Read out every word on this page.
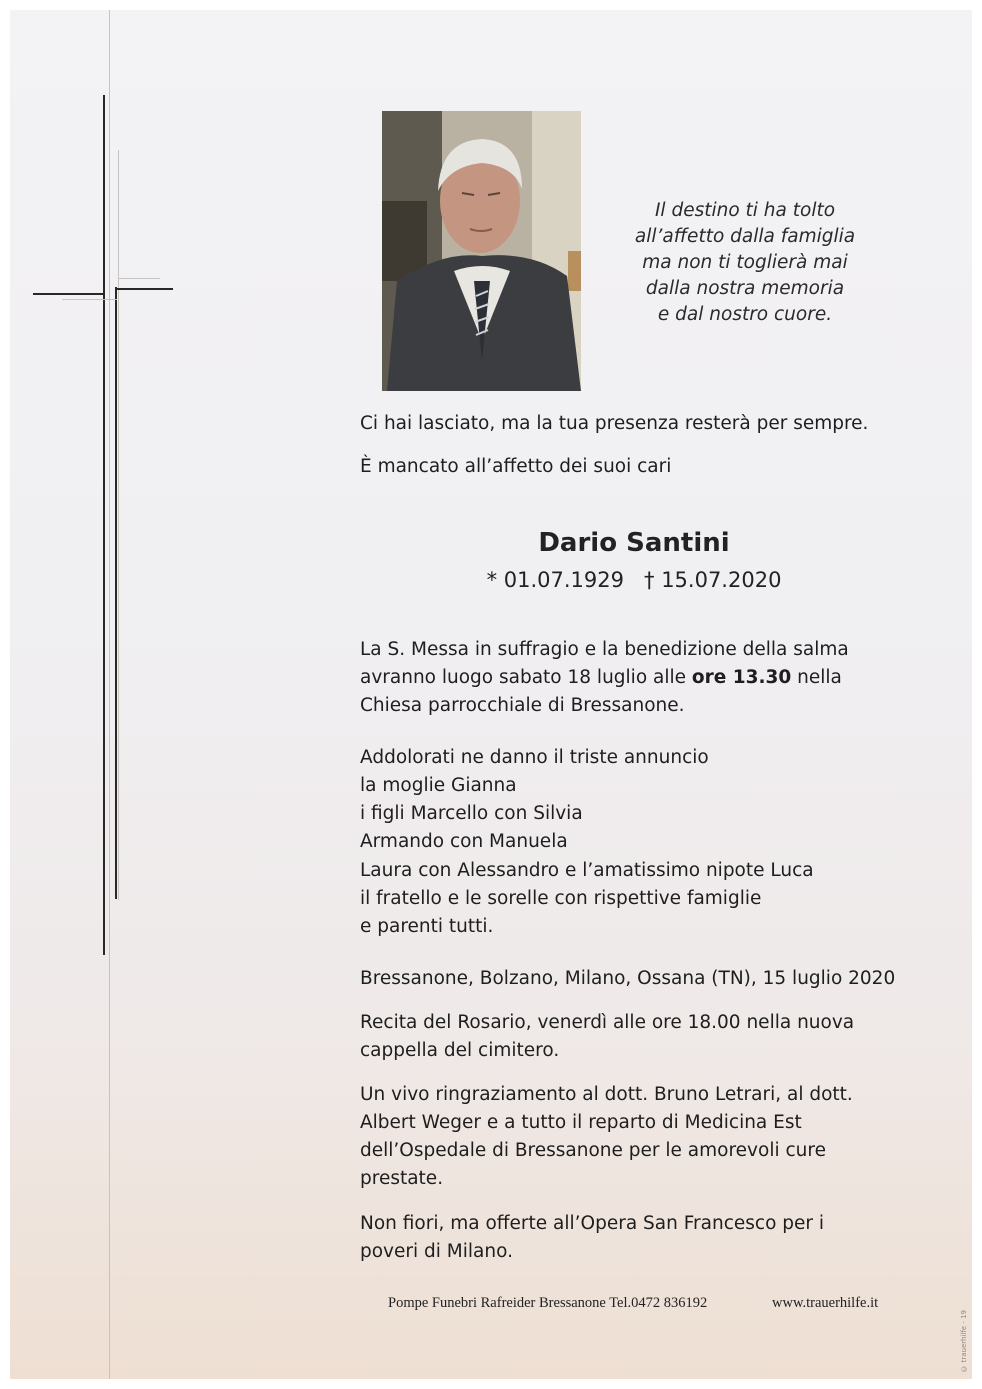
Il destino ti ha tolto
all’affetto dalla famiglia
ma non ti toglierà mai
dalla nostra memoria
e dal nostro cuore.
Ci hai lasciato, ma la tua presenza resterà per sempre.
È mancato all’affetto dei suoi cari
Dario Santini
* 01.07.1929 † 15.07.2020
La S. Messa in suffragio e la benedizione della salma
avranno luogo sabato 18 luglio alle ore 13.30 nella
Chiesa parrocchiale di Bressanone.
Addolorati ne danno il triste annuncio
la moglie Gianna
i figli Marcello con Silvia
Armando con Manuela
Laura con Alessandro e l’amatissimo nipote Luca
il fratello e le sorelle con rispettive famiglie
e parenti tutti.
Bressanone, Bolzano, Milano, Ossana (TN), 15 luglio 2020
Recita del Rosario, venerdì alle ore 18.00 nella nuova
cappella del cimitero.
Un vivo ringraziamento al dott. Bruno Letrari, al dott.
Albert Weger e a tutto il reparto di Medicina Est
dell’Ospedale di Bressanone per le amorevoli cure
prestate.
Non fiori, ma offerte all’Opera San Francesco per i
poveri di Milano.
Pompe Funebri Rafreider Bressanone Tel.0472 836192	www.trauerhilfe.it
© trauerhilfe - 19
